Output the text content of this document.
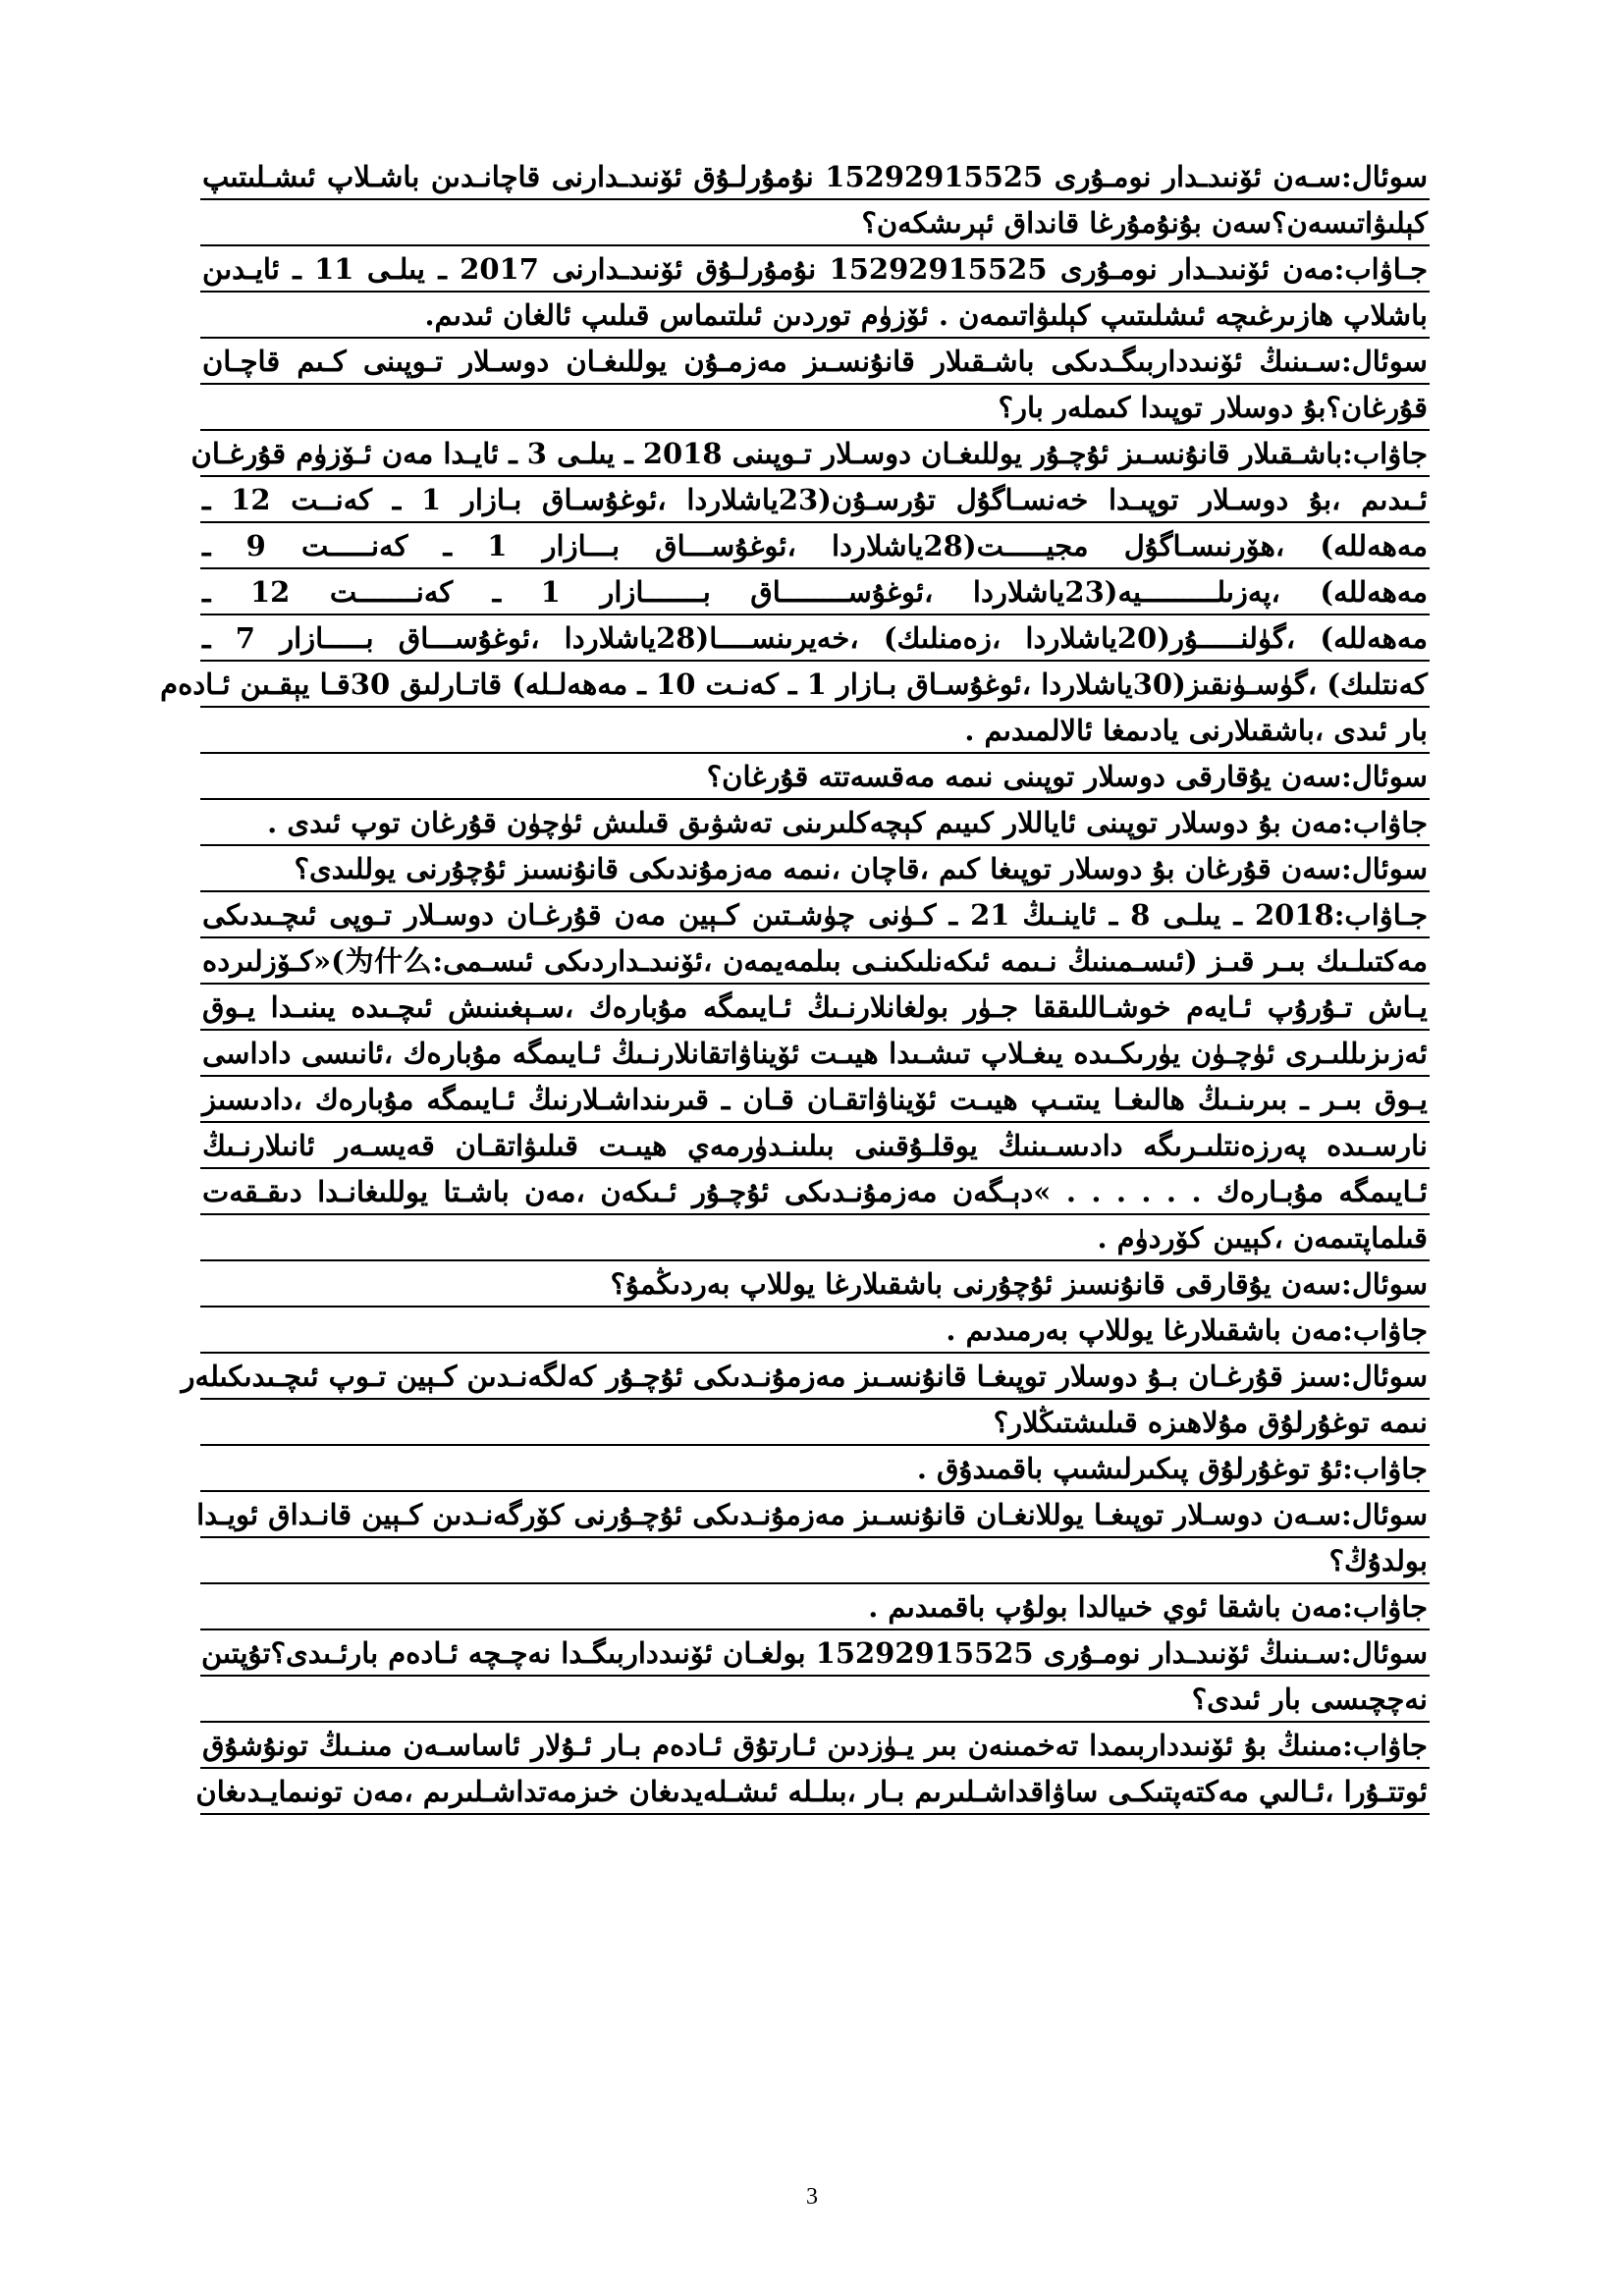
سوئال:سـەن ئۆنىدـدار نومـۇرى 15292915525 نۇمۇرلـۇق ئۆنىدـدارنى قاچانـدىن باشـلاپ ئىشـلىتىپ
كېلىۋاتىسەن؟سەن بۇنۇمۇرغا قانداق ئېرىشكەن؟
جـاۋاب:مەن ئۆنىدـدار نومـۇرى 15292915525 نۇمۇرلـۇق ئۆنىدـدارنى 2017 ـ يىلـى 11 ـ ئايـدىن
باشلاپ ھازىرغىچە ئىشلىتىپ كېلىۋاتىمەن . ئۆزۈم توردىن ئىلتىماس قىلىپ ئالغان ئىدىم.
سوئال:سـىنىڭ ئۆنىدداربىگـدىكى باشـقىلار قانۇنسـىز مەزمـۇن يوللىغـان دوسـلار تـوپىنى كـىم قاچـان
قۇرغان؟بۇ دوسلار توپىدا كىملەر بار؟
جاۋاب:باشـقىلار قانۇنسـىز ئۇچـۇر يوللىغـان دوسـلار تـوپىنى 2018 ـ يىلـى 3 ـ ئايـدا مەن ئـۆزۈم قۇرغـان
ئـىدىم ،بۇ دوسـلار توپىـدا خەنسـاگۇل تۇرسـۇن(23ياشلاردا ،ئوغۇسـاق بـازار 1 ـ كەنــت 12 ـ
مەھەللە) ،ھۆرنىسـاگۇل مجيـــــت(28ياشلاردا ،ئوغۇســـاق بـــازار 1 ـ كەنـــــت 9 ـ
مەھەللە) ،پەزىلـــــــــيە(23ياشلاردا ،ئوغۇســــــــاق بـــــــازار 1 ـ كەنـــــــت 12 ـ
مەھەللە) ،گۈلنـــــۇر(20ياشلاردا ،زەمنلىك) ،خەيرىنســــا(28ياشلاردا ،ئوغۇســـاق بـــــازار 7 ـ
كەنتلىك) ،گۈسـۈنقىز(30ياشلاردا ،ئوغۇسـاق بـازار 1 ـ كەنـت 10 ـ مەھەلـلە) قاتـارلىق 30قـا يېقـىن ئـادەم
بار ئىدى ،باشقىلارنى يادىمغا ئالالمىدىم .
سوئال:سەن يۇقارقى دوسلار توپىنى نىمە مەقسەتتە قۇرغان؟
جاۋاب:مەن بۇ دوسلار توپىنى ئاياللار كىيىم كېچەكلىرىنى تەشۋىق قىلىش ئۈچۈن قۇرغان توپ ئىدى .
سوئال:سەن قۇرغان بۇ دوسلار توپىغا كىم ،قاچان ،نىمە مەزمۇندىكى قانۇنسىز ئۇچۇرنى يوللىدى؟
جـاۋاب:2018 ـ يىلـى 8 ـ ئاينـىڭ 21 ـ كـۈنى چۈشـتىن كـېين مەن قۇرغـان دوسـلار تـوپى ئىچـىدىكى
مەكتىلـىك بىـر قىـز (ئىسـمىنىڭ نـىمە ئىكەنلىكىنـى بىلمەيمەن ،ئۆنىدـداردىكى ئىسـمى:为什么)«كـۆزلىردە
يـاش تـۇرۇپ ئـايەم خوشـاللىققا جـۈر بولغانلارنـىڭ ئـايىمگە مۇبارەك ،سـېغىنىش ئىچـىدە يىنىـدا يـوق
ئەزىزىللىـرى ئۈچـۈن يۈرىكـىدە يىغـلاپ تىشـىدا ھيىـت ئۆيناۋاتقانلارنـىڭ ئـايىمگە مۇبارەك ،ئانىسى داداسى
يـوق بىـر ـ بىرىنـىڭ ھالىغـا يىتىـپ ھيىـت ئۆيناۋاتقـان قـان ـ قىرىنداشـلارنىڭ ئـايىمگە مۇبارەك ،دادىسىز
نارسـىدە پەرزەنتلىـرىگە دادىسـىنىڭ يوقلـۇقىنى بىلىنـدۈرمەي ھيىـت قىلىۋاتقـان قەيسـەر ئانىلارنـىڭ
ئـايىمگە مۇبـارەك . . . . . . »دېـگەن مەزمۇنـدىكى ئۇچـۇر ئـىكەن ،مەن باشـتا يوللىغانـدا دىقـقەت
قىلماپتىمەن ،كېيىن كۆردۈم .
سوئال:سەن يۇقارقى قانۇنسىز ئۇچۇرنى باشقىلارغا يوللاپ بەردىڭمۇ؟
جاۋاب:مەن باشقىلارغا يوللاپ بەرمىدىم .
سوئال:سىز قۇرغـان بـۇ دوسلار توپىغـا قانۇنسـىز مەزمۇنـدىكى ئۇچـۇر كەلگەنـدىن كـېين تـوپ ئىچـىدىكىلەر
نىمە توغۇرلۇق مۇلاھىزە قىلىشتىڭلار؟
جاۋاب:ئۇ توغۇرلۇق پىكىرلىشىپ باقمىدۇق .
سوئال:سـەن دوسـلار توپىغـا يوللانغـان قانۇنسـىز مەزمۇنـدىكى ئۇچـۇرنى كۆرگەنـدىن كـېين قانـداق ئويـدا
بولدۇڭ؟
جاۋاب:مەن باشقا ئوي خىيالدا بولۇپ باقمىدىم .
سوئال:سـىنىڭ ئۆنىدـدار نومـۇرى 15292915525 بولغـان ئۆنىدداربىگـدا نەچـچە ئـادەم بارئـىدى؟تۇپتىن
نەچچىسى بار ئىدى؟
جاۋاب:مىنىڭ بۇ ئۆنىدداربىمدا تەخمىنەن بىر يـۈزدىن ئـارتۇق ئـادەم بـار ئـۇلار ئاساسـەن مىنـىڭ تونۇشۇق
ئوتتـۇرا ،ئـالىي مەكتەپتىكـى ساۋاقداشـلىرىم بـار ،بىلـلە ئىشـلەيدىغان خىزمەتداشـلىرىم ،مەن تونىمايـدىغان
3
